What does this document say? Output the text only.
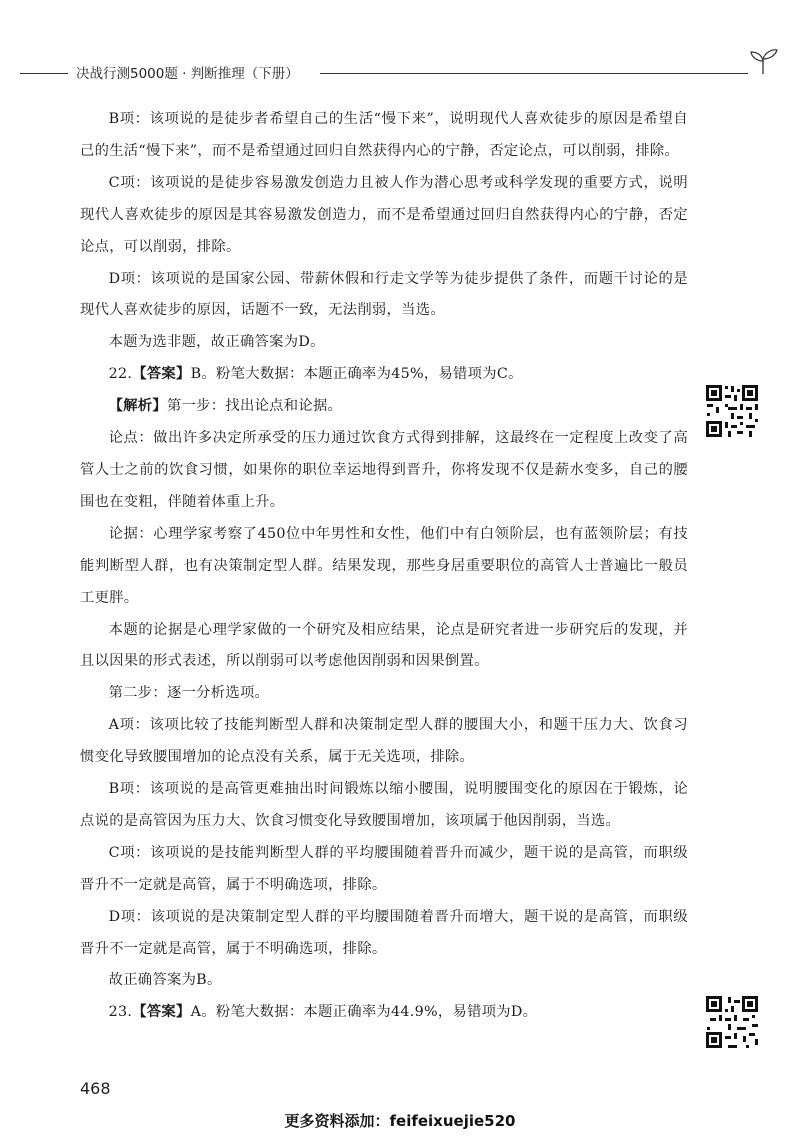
决战行测5000题 · 判断推理（下册）

B项：该项说的是徒步者希望自己的生活“慢下来”，说明现代人喜欢徒步的原因是希望自己的生活“慢下来”，而不是希望通过回归自然获得内心的宁静，否定论点，可以削弱，排除。

C项：该项说的是徒步容易激发创造力且被人作为潜心思考或科学发现的重要方式，说明现代人喜欢徒步的原因是其容易激发创造力，而不是希望通过回归自然获得内心的宁静，否定论点，可以削弱，排除。

D项：该项说的是国家公园、带薪休假和行走文学等为徒步提供了条件，而题干讨论的是现代人喜欢徒步的原因，话题不一致，无法削弱，当选。

本题为选非题，故正确答案为D。

22.【答案】B。粉笔大数据：本题正确率为45%，易错项为C。

【解析】第一步：找出论点和论据。

论点：做出许多决定所承受的压力通过饮食方式得到排解，这最终在一定程度上改变了高管人士之前的饮食习惯，如果你的职位幸运地得到晋升，你将发现不仅是薪水变多，自己的腰围也在变粗，伴随着体重上升。

论据：心理学家考察了450位中年男性和女性，他们中有白领阶层，也有蓝领阶层；有技能判断型人群，也有决策制定型人群。结果发现，那些身居重要职位的高管人士普遍比一般员工更胖。

本题的论据是心理学家做的一个研究及相应结果，论点是研究者进一步研究后的发现，并且以因果的形式表述，所以削弱可以考虑他因削弱和因果倒置。

第二步：逐一分析选项。

A项：该项比较了技能判断型人群和决策制定型人群的腰围大小，和题干压力大、饮食习惯变化导致腰围增加的论点没有关系，属于无关选项，排除。

B项：该项说的是高管更难抽出时间锻炼以缩小腰围，说明腰围变化的原因在于锻炼，论点说的是高管因为压力大、饮食习惯变化导致腰围增加，该项属于他因削弱，当选。

C项：该项说的是技能判断型人群的平均腰围随着晋升而减少，题干说的是高管，而职级晋升不一定就是高管，属于不明确选项，排除。

D项：该项说的是决策制定型人群的平均腰围随着晋升而增大，题干说的是高管，而职级晋升不一定就是高管，属于不明确选项，排除。

故正确答案为B。

23.【答案】A。粉笔大数据：本题正确率为44.9%，易错项为D。

468
更多资料添加：feifeixuejie520
